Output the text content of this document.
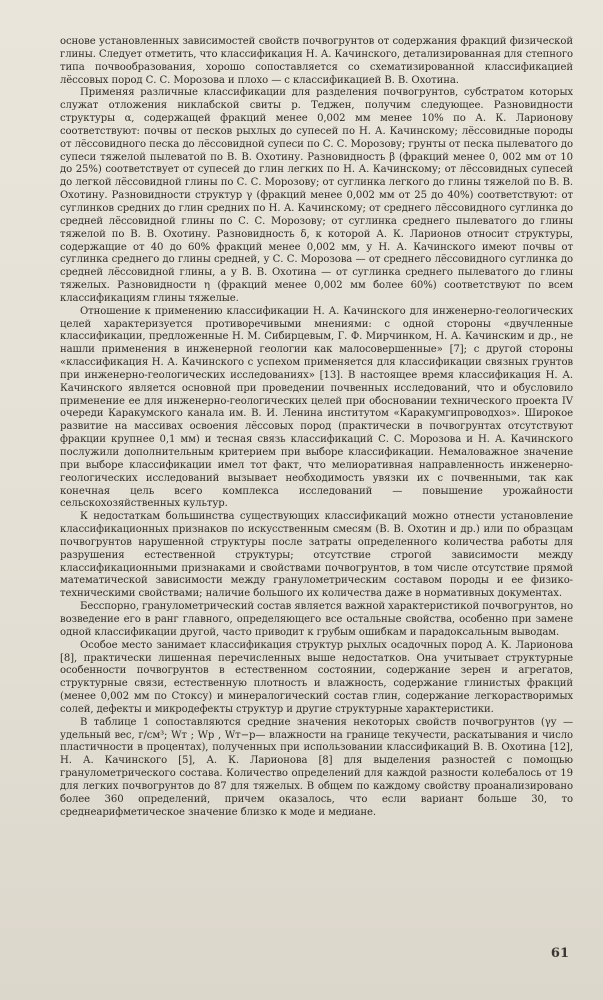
основе установленных зависимостей свойств почвогрунтов от содержания фракций физической глины. Следует отметить, что классификация Н. А. Качинского, детализированная для степного типа почвообразования, хорошо сопоставляется со схематизированной классификацией лёссовых пород С. С. Морозова и плохо — с классификацией В. В. Охотина.

Применяя различные классификации для разделения почвогрунтов, субстратом которых служат отложения никлабской свиты р. Теджен, получим следующее. Разновидности структуры α, содержащей фракций менее 0,002 мм менее 10% по А. К. Ларионову соответствуют: почвы от песков рыхлых до супесей по Н. А. Качинскому; лёссовидные породы от лёссовидного песка до лёссовидной супеси по С. С. Морозову; грунты от песка пылеватого до супеси тяжелой пылеватой по В. В. Охотину. Разновидность β (фракций менее 0, 002 мм от 10 до 25%) соответствует от супесей до глин легких по Н. А. Качинскому; от лёссовидных супесей до легкой лёссовидной глины по С. С. Морозову; от суглинка легкого до глины тяжелой по В. В. Охотину. Разновидности структур γ (фракций менее 0,002 мм от 25 до 40%) соответствуют: от суглинков средних до глин средних по Н. А. Качинскому; от среднего лёссовидного суглинка до средней лёссовидной глины по С. С. Морозову; от суглинка среднего пылеватого до глины тяжелой по В. В. Охотину. Разновидность δ, к которой А. К. Ларионов относит структуры, содержащие от 40 до 60% фракций менее 0,002 мм, у Н. А. Качинского имеют почвы от суглинка среднего до глины средней, у С. С. Морозова — от среднего лёссовидного суглинка до средней лёссовидной глины, а у В. В. Охотина — от суглинка среднего пылеватого до глины тяжелых. Разновидности η (фракций менее 0,002 мм более 60%) соответствуют по всем классификациям глины тяжелые.

Отношение к применению классификации Н. А. Качинского для инженерно-геологических целей характеризуется противоречивыми мнениями: с одной стороны «двучленные классификации, предложенные Н. М. Сибирцевым, Г. Ф. Мирчинком, Н. А. Качинским и др., не нашли применения в инженерной геологии как малосовершенные» [7]; с другой стороны «классификация Н. А. Качинского с успехом применяется для классификации связных грунтов при инженерно-геологических исследованиях» [13]. В настоящее время классификация Н. А. Качинского является основной при проведении почвенных исследований, что и обусловило применение ее для инженерно-геологических целей при обосновании технического проекта IV очереди Каракумского канала им. В. И. Ленина институтом «Каракумгипроводхоз». Широкое развитие на массивах освоения лёссовых пород (практически в почвогрунтах отсутствуют фракции крупнее 0,1 мм) и тесная связь классификаций С. С. Морозова и Н. А. Качинского послужили дополнительным критерием при выборе классификации. Немаловажное значение при выборе классификации имел тот факт, что мелиоративная направленность инженерно-геологических исследований вызывает необходимость увязки их с почвенными, так как конечная цель всего комплекса исследований — повышение урожайности сельскохозяйственных культур.

К недостаткам большинства существующих классификаций можно отнести установление классификационных признаков по искусственным смесям (В. В. Охотин и др.) или по образцам почвогрунтов нарушенной структуры после затраты определенного количества работы для разрушения естественной структуры; отсутствие строгой зависимости между классификационными признаками и свойствами почвогрунтов, в том числе отсутствие прямой математической зависимости между гранулометрическим составом породы и ее физико-техническими свойствами; наличие большого их количества даже в нормативных документах.

Бесспорно, гранулометрический состав является важной характеристикой почвогрунтов, но возведение его в ранг главного, определяющего все остальные свойства, особенно при замене одной классификации другой, часто приводит к грубым ошибкам и парадоксальным выводам.

Особое место занимает классификация структур рыхлых осадочных пород А. К. Ларионова [8], практически лишенная перечисленных выше недостатков. Она учитывает структурные особенности почвогрунтов в естественном состоянии, содержание зерен и агрегатов, структурные связи, естественную плотность и влажность, содержание глинистых фракций (менее 0,002 мм по Стоксу) и минералогический состав глин, содержание легкорастворимых солей, дефекты и микродефекты структур и другие структурные характеристики.

В таблице 1 сопоставляются средние значения некоторых свойств почвогрунтов (γу — удельный вес, г/см³; Wт ; Wр , Wт−р— влажности на границе текучести, раскатывания и число пластичности в процентах), полученных при использовании классификаций В. В. Охотина [12], Н. А. Качинского [5], А. К. Ларионова [8] для выделения разностей с помощью гранулометрического состава. Количество определений для каждой разности колебалось от 19 для легких почвогрунтов до 87 для тяжелых. В общем по каждому свойству проанализировано более 360 определений, причем оказалось, что если вариант больше 30, то среднеарифметическое значение близко к моде и медиане.

61
